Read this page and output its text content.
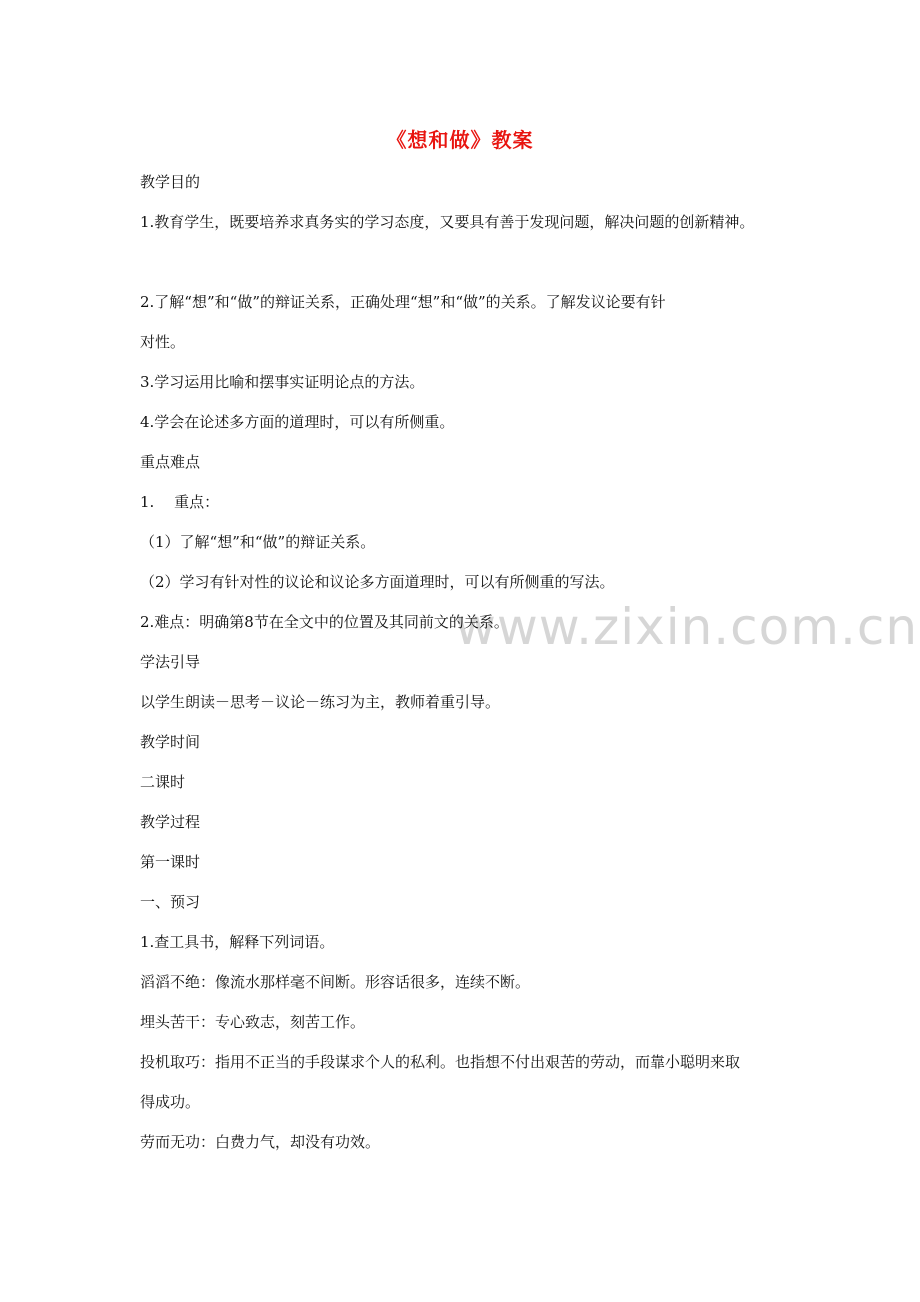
www.zixin.com.cn
《想和做》教案
教学目的
1.教育学生，既要培养求真务实的学习态度，又要具有善于发现问题，解决问题的创新精神。
2.了解“想”和“做”的辩证关系，正确处理“想”和“做”的关系。了解发议论要有针
对性。
3.学习运用比喻和摆事实证明论点的方法。
4.学会在论述多方面的道理时，可以有所侧重。
重点难点
1.　 重点：
（1）了解“想”和“做”的辩证关系。
（2）学习有针对性的议论和议论多方面道理时，可以有所侧重的写法。
2.难点：明确第8节在全文中的位置及其同前文的关系。
学法引导
以学生朗读－思考－议论－练习为主，教师着重引导。
教学时间
二课时
教学过程
第一课时
一、预习
1.查工具书，解释下列词语。
滔滔不绝：像流水那样毫不间断。形容话很多，连续不断。
埋头苦干：专心致志，刻苦工作。
投机取巧：指用不正当的手段谋求个人的私利。也指想不付出艰苦的劳动，而靠小聪明来取
得成功。
劳而无功：白费力气，却没有功效。
